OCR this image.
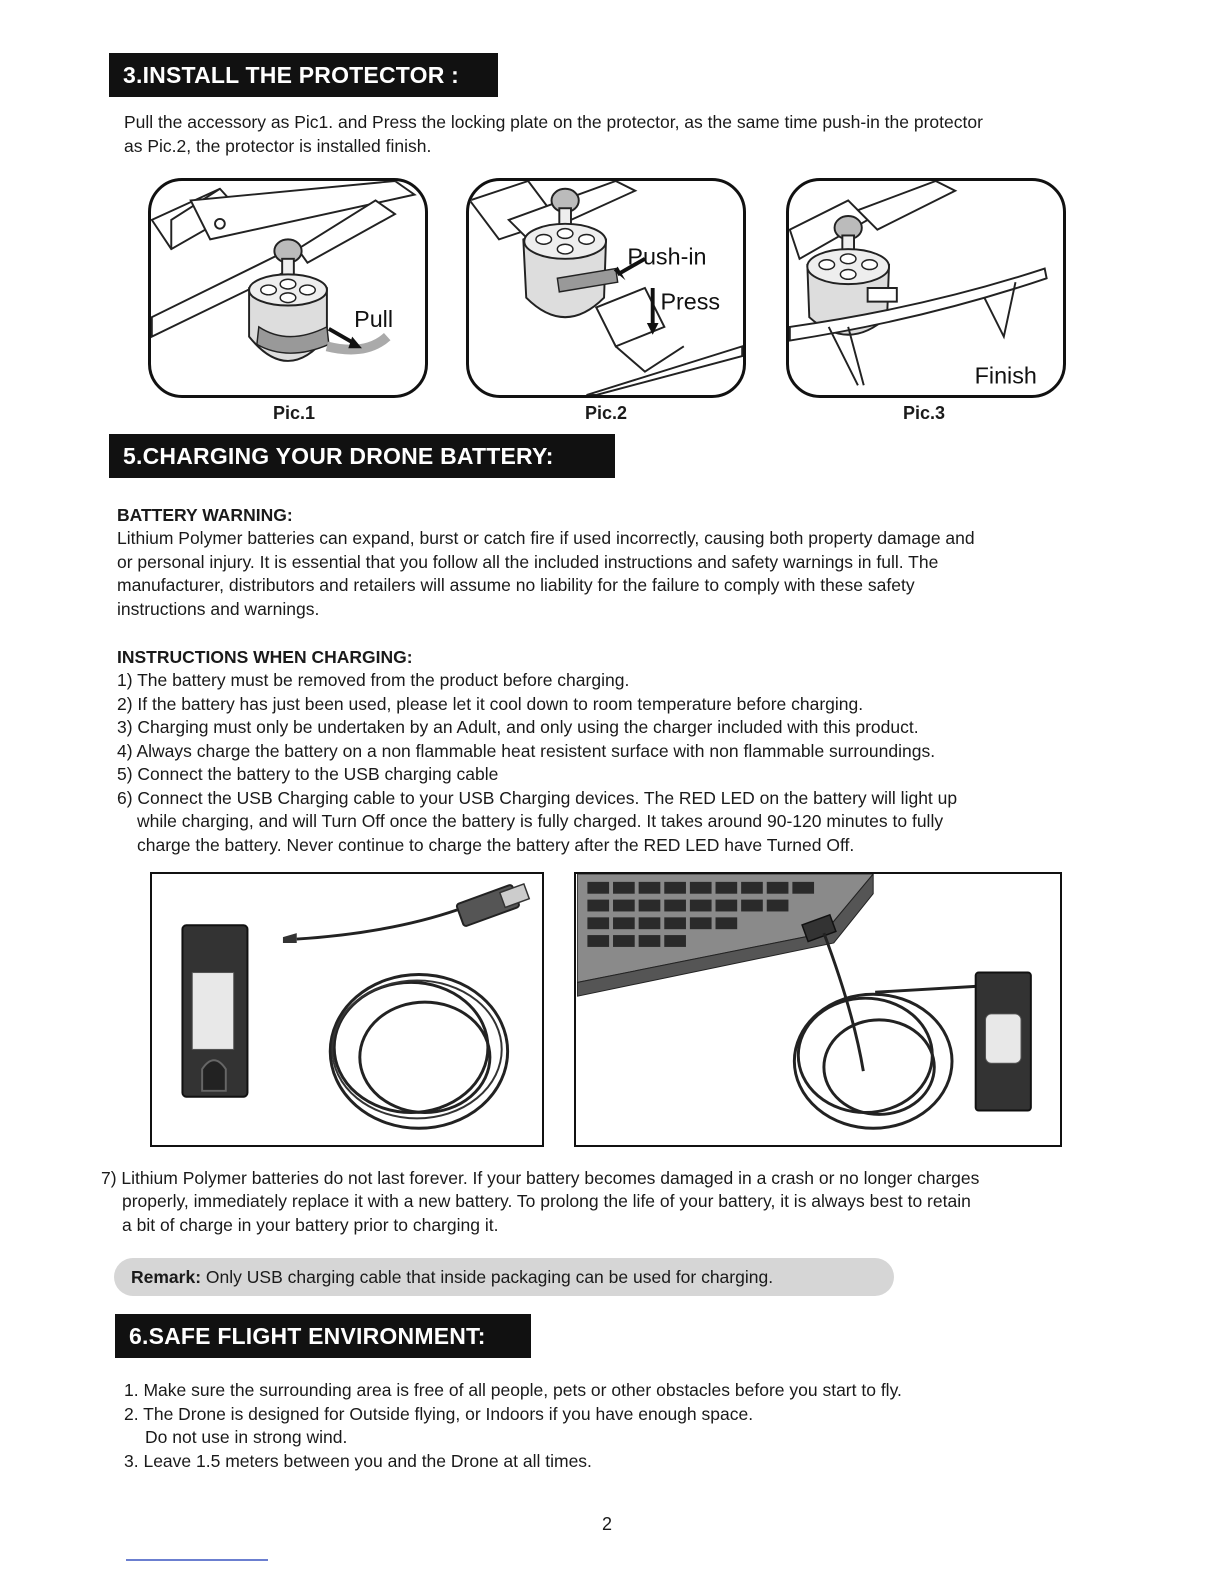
3.INSTALL THE PROTECTOR :
Pull the accessory as Pic1. and Press the locking plate on the protector, as the same time push-in the protector
as Pic.2, the protector is installed finish.
Pull
Pic.1
Push-in
Press
Pic.2
Finish
Pic.3
5.CHARGING YOUR DRONE BATTERY:
BATTERY WARNING:
Lithium Polymer batteries can expand, burst or catch fire if used incorrectly, causing both property damage and
or personal injury. It is essential that you follow all the included instructions and safety warnings in full. The
manufacturer, distributors and retailers will assume no liability for the failure to comply with these safety
instructions and warnings.
INSTRUCTIONS WHEN CHARGING:
1) The battery must be removed from the product before charging.
2) If the battery has just been used, please let it cool down to room temperature before charging.
3) Charging must only be undertaken by an Adult, and only using the charger included with this product.
4) Always charge the battery on a non flammable heat resistent surface with non flammable surroundings.
5) Connect the battery to the USB charging cable
6) Connect the USB Charging cable to your USB Charging devices. The RED LED on the battery will light up
while charging, and will Turn Off once the battery is fully charged. It takes around 90-120 minutes to fully
charge the battery. Never continue to charge the battery after the RED LED have Turned Off.
7) Lithium Polymer batteries do not last forever. If your battery becomes damaged in a crash or no longer charges
properly, immediately replace it with a new battery. To prolong the life of your battery, it is always best to retain
a bit of charge in your battery prior to charging it.
Remark: Only USB charging cable that inside packaging can be used for charging.
6.SAFE FLIGHT ENVIRONMENT:
1. Make sure the surrounding area is free of all people, pets or other obstacles before you start to fly.
2. The Drone is designed for Outside flying, or Indoors if you have enough space.
Do not use in strong wind.
3. Leave 1.5 meters between you and the Drone at all times.
2
